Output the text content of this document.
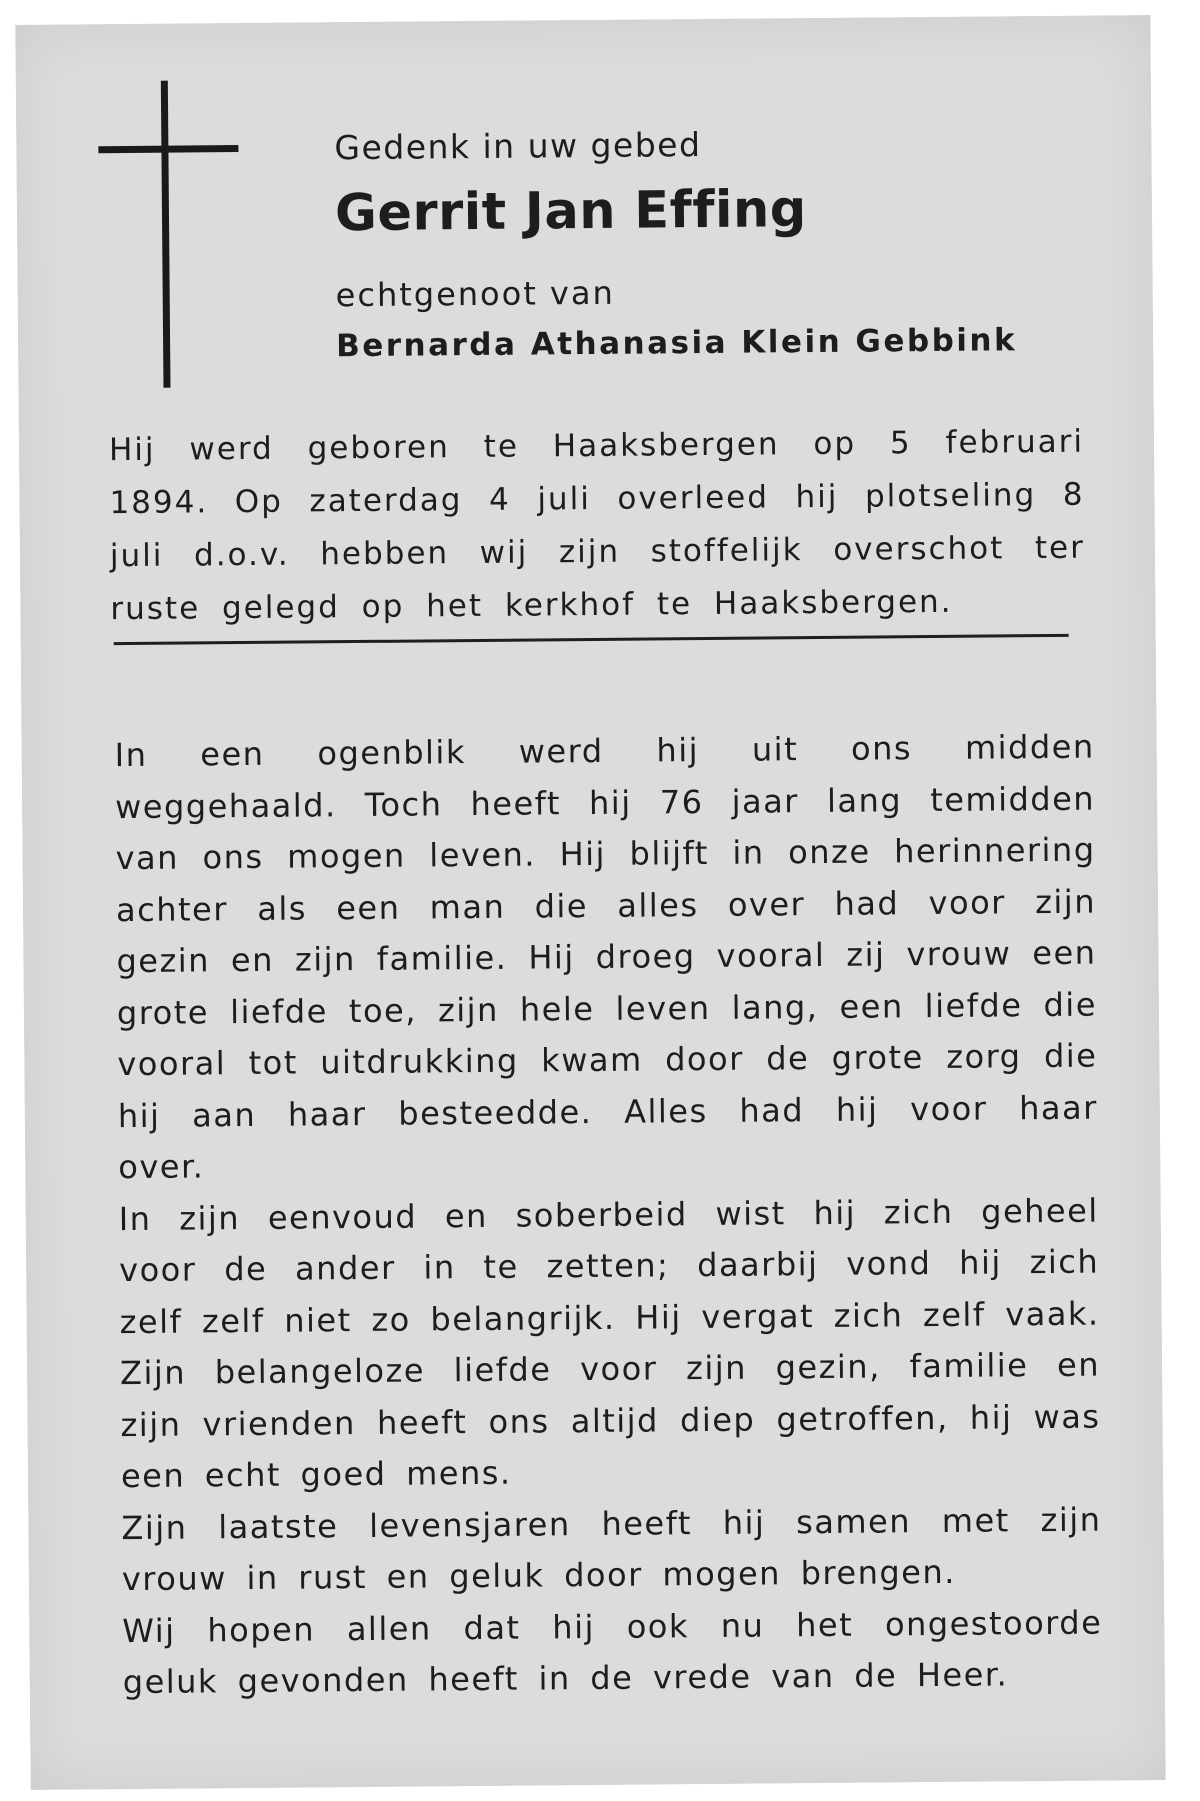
Gedenk in uw gebed

Gerrit Jan Effing

echtgenoot van

Bernarda Athanasia Klein Gebbink

Hij werd geboren te Haaksbergen op 5 februari 1894. Op zaterdag 4 juli overleed hij plotseling 8 juli d.o.v. hebben wij zijn stoffelijk overschot ter ruste gelegd op het kerkhof te Haaksbergen.

In een ogenblik werd hij uit ons midden weggehaald. Toch heeft hij 76 jaar lang temidden van ons mogen leven. Hij blijft in onze herinnering achter als een man die alles over had voor zijn gezin en zijn familie. Hij droeg vooral zij vrouw een grote liefde toe, zijn hele leven lang, een liefde die vooral tot uitdrukking kwam door de grote zorg die hij aan haar besteedde. Alles had hij voor haar over.

In zijn eenvoud en soberbeid wist hij zich geheel voor de ander in te zetten; daarbij vond hij zich zelf zelf niet zo belangrijk. Hij vergat zich zelf vaak. Zijn belangeloze liefde voor zijn gezin, familie en zijn vrienden heeft ons altijd diep getroffen, hij was een echt goed mens.

Zijn laatste levensjaren heeft hij samen met zijn vrouw in rust en geluk door mogen brengen.

Wij hopen allen dat hij ook nu het ongestoorde geluk gevonden heeft in de vrede van de Heer.
